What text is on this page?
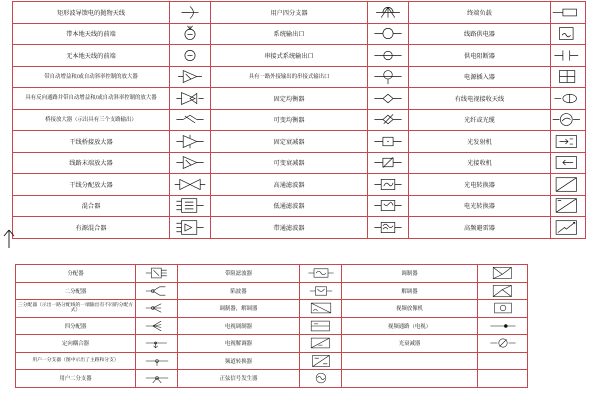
矩形波导馈电的抛物天线		用户四分支器		终端负载	

带本地天线的前端		系统输出口		线路供电器	

无本地天线的前端		串接式系统输出口		供电阻断器	

带自动增益和/或自动斜率控制的放大器		具有一路外接输出的串接式输出口		电源插入器	

具有反向通路并带自动增益和/或自动斜率控制的放大器		固定均衡器		有线电视接收天线	

桥接放大器（示出具有三个支路输出）		可变均衡器		光纤或光缆	

干线桥接放大器		固定衰减器		光发射机	

线路末端放大器		可变衰减器		光接收机	

干线分配放大器		高通滤波器		光电转换器	

混合器		低通滤波器		电光转换器	

有源混合器		带通滤波器		高频避雷器	
分配器		带阻滤波器		调制器	

二分配器		陷波器		解调器	

三分配器（示出一路分配线的一端输出有不同的分配方式）		调制器，解调器		视频放像机	

四分配器		电视调制器		视频通路（电视）	

定向耦合器		电视解调器		光衰减器	

用户一分支器（图中示出了主路和分支）		频道转换器	

用户二分支器		正弦信号发生器	
